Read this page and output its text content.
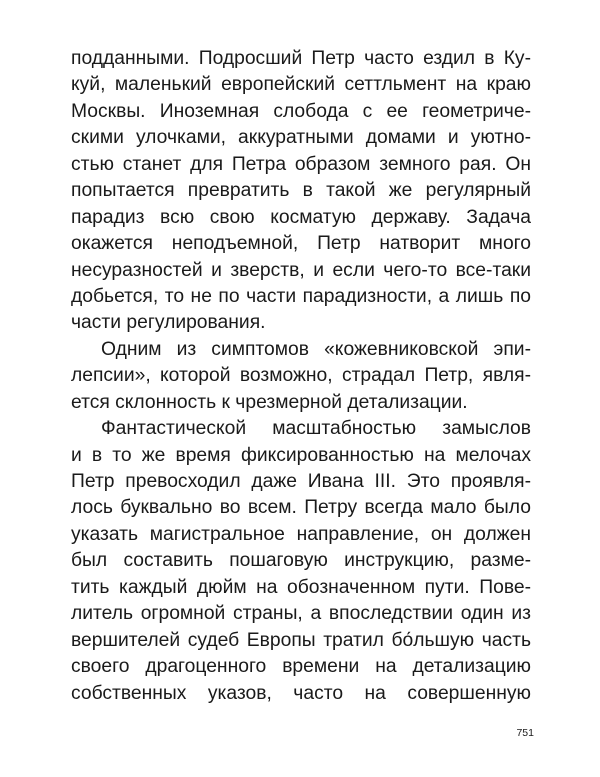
подданными. Подросший Петр часто ездил в Ку-
куй, маленький европейский сеттльмент на краю
Москвы. Иноземная слобода с ее геометриче-
скими улочками, аккуратными домами и уютно-
стью станет для Петра образом земного рая. Он
попытается превратить в такой же регулярный
парадиз всю свою косматую державу. Задача
окажется неподъемной, Петр натворит много
несуразностей и зверств, и если чего-то все-таки
добьется, то не по части парадизности, а лишь по
части регулирования.
Одним из симптомов «кожевниковской эпи-
лепсии», которой возможно, страдал Петр, явля-
ется склонность к чрезмерной детализации.
Фантастической масштабностью замыслов
и в то же время фиксированностью на мелочах
Петр превосходил даже Ивана III. Это проявля-
лось буквально во всем. Петру всегда мало было
указать магистральное направление, он должен
был составить пошаговую инструкцию, разме-
тить каждый дюйм на обозначенном пути. Пове-
литель огромной страны, а впоследствии один из
вершителей судеб Европы тратил бо́льшую часть
своего драгоценного времени на детализацию
собственных указов, часто на совершенную
751
